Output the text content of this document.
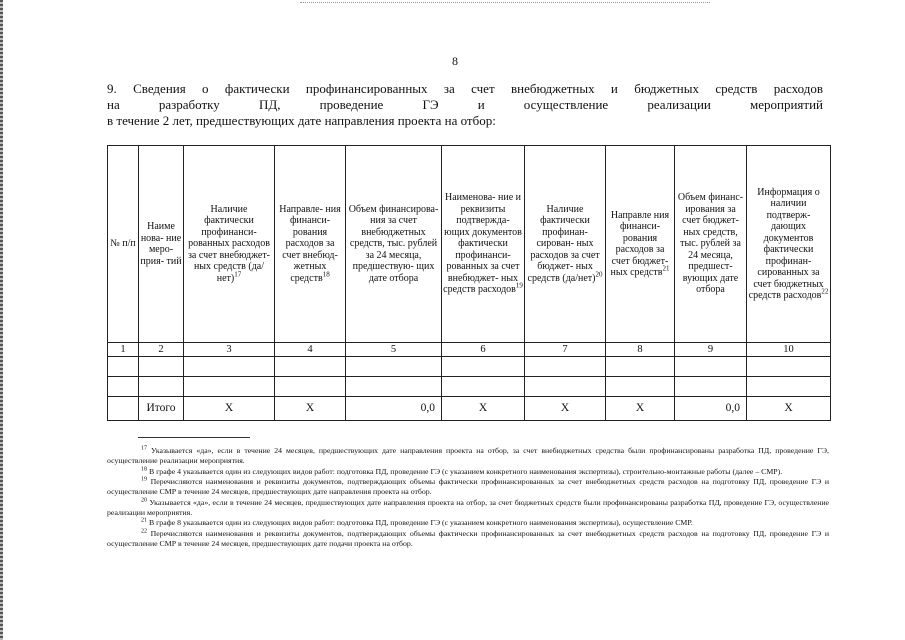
8
9. Сведения о фактически профинансированных за счет внебюджетных и бюджетных средств расходов
на разработку ПД, проведение ГЭ и осуществление реализации мероприятий
в течение 2 лет, предшествующих дате направления проекта на отбор:
№ п/п	Наиме нова- ние меро- прия- тий	Наличие фактически профинанси- рованных расходов за счет внебюджет- ных средств $(да/нет)^{17}$	Направле- ния финанси- рования расходов за счет внебюд- жетных средств$^{18}$	Объем финансирова- ния за счет внебюджетных средств, тыс. рублей за 24 месяца, предшествую- щих дате отбора	Наименова- ние и реквизиты подтвержда- ющих документов фактически профинанси- рованных за счет внебюджет- ных средств расходов$^{19}$	Наличие фактически профинан- сирован- ных расходов за счет бюджет- ных средств $(да/нет)^{20}$	Направле ния финанси- рования расходов за счет бюджет- ных средств$^{21}$	Объем финанс- ирования за счет бюджет- ных средств, тыс. рублей за 24 месяца, предшест- вующих дате отбора	Информация о наличии подтверж- дающих документов фактически профинан- сированных за счет бюджетных средств расходов$^{22}$
1	2	3	4	5	6	7	8	9	10

	Итого	X	X	0,0	X	X	X	0,0	X

$^{17}$ Указывается «да», если в течение 24 месяцев, предшествующих дате направления проекта на отбор, за счет внебюджетных средства были профинансированы разработка ПД, проведение ГЭ, осуществление реализации мероприятия.

$^{18}$ В графе 4 указывается один из следующих видов работ: подготовка ПД, проведение ГЭ (с указанием конкретного наименования экспертизы), строительно-монтажные работы (далее – СМР).

$^{19}$ Перечисляются наименования и реквизиты документов, подтверждающих объемы фактически профинансированных за счет внебюджетных средств расходов на подготовку ПД, проведение ГЭ и осуществление СМР в течение 24 месяцев, предшествующих дате направления проекта на отбор.

$^{20}$ Указывается «да», если в течение 24 месяцев, предшествующих дате направления проекта на отбор, за счет бюджетных средств были профинансированы разработка ПД, проведение ГЭ, осуществление реализации мероприятия.

$^{21}$ В графе 8 указывается один из следующих видов работ: подготовка ПД, проведение ГЭ (с указанием конкретного наименования экспертизы), осуществление СМР.

$^{22}$ Перечисляются наименования и реквизиты документов, подтверждающих объемы фактически профинансированных за счет внебюджетных средств расходов на подготовку ПД, проведение ГЭ и осуществление СМР в течение 24 месяцев, предшествующих дате подачи проекта на отбор.
